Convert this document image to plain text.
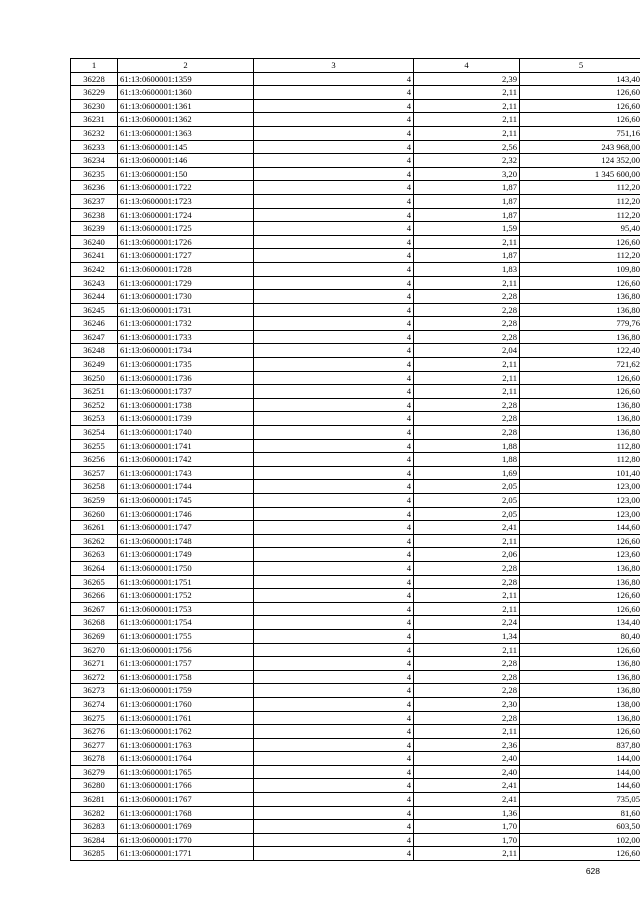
1	2	3	4	5
36228	61:13:0600001:1359	4	2,39	143,40
36229	61:13:0600001:1360	4	2,11	126,60
36230	61:13:0600001:1361	4	2,11	126,60
36231	61:13:0600001:1362	4	2,11	126,60
36232	61:13:0600001:1363	4	2,11	751,16
36233	61:13:0600001:145	4	2,56	243 968,00
36234	61:13:0600001:146	4	2,32	124 352,00
36235	61:13:0600001:150	4	3,20	1 345 600,00
36236	61:13:0600001:1722	4	1,87	112,20
36237	61:13:0600001:1723	4	1,87	112,20
36238	61:13:0600001:1724	4	1,87	112,20
36239	61:13:0600001:1725	4	1,59	95,40
36240	61:13:0600001:1726	4	2,11	126,60
36241	61:13:0600001:1727	4	1,87	112,20
36242	61:13:0600001:1728	4	1,83	109,80
36243	61:13:0600001:1729	4	2,11	126,60
36244	61:13:0600001:1730	4	2,28	136,80
36245	61:13:0600001:1731	4	2,28	136,80
36246	61:13:0600001:1732	4	2,28	779,76
36247	61:13:0600001:1733	4	2,28	136,80
36248	61:13:0600001:1734	4	2,04	122,40
36249	61:13:0600001:1735	4	2,11	721,62
36250	61:13:0600001:1736	4	2,11	126,60
36251	61:13:0600001:1737	4	2,11	126,60
36252	61:13:0600001:1738	4	2,28	136,80
36253	61:13:0600001:1739	4	2,28	136,80
36254	61:13:0600001:1740	4	2,28	136,80
36255	61:13:0600001:1741	4	1,88	112,80
36256	61:13:0600001:1742	4	1,88	112,80
36257	61:13:0600001:1743	4	1,69	101,40
36258	61:13:0600001:1744	4	2,05	123,00
36259	61:13:0600001:1745	4	2,05	123,00
36260	61:13:0600001:1746	4	2,05	123,00
36261	61:13:0600001:1747	4	2,41	144,60
36262	61:13:0600001:1748	4	2,11	126,60
36263	61:13:0600001:1749	4	2,06	123,60
36264	61:13:0600001:1750	4	2,28	136,80
36265	61:13:0600001:1751	4	2,28	136,80
36266	61:13:0600001:1752	4	2,11	126,60
36267	61:13:0600001:1753	4	2,11	126,60
36268	61:13:0600001:1754	4	2,24	134,40
36269	61:13:0600001:1755	4	1,34	80,40
36270	61:13:0600001:1756	4	2,11	126,60
36271	61:13:0600001:1757	4	2,28	136,80
36272	61:13:0600001:1758	4	2,28	136,80
36273	61:13:0600001:1759	4	2,28	136,80
36274	61:13:0600001:1760	4	2,30	138,00
36275	61:13:0600001:1761	4	2,28	136,80
36276	61:13:0600001:1762	4	2,11	126,60
36277	61:13:0600001:1763	4	2,36	837,80
36278	61:13:0600001:1764	4	2,40	144,00
36279	61:13:0600001:1765	4	2,40	144,00
36280	61:13:0600001:1766	4	2,41	144,60
36281	61:13:0600001:1767	4	2,41	735,05
36282	61:13:0600001:1768	4	1,36	81,60
36283	61:13:0600001:1769	4	1,70	603,50
36284	61:13:0600001:1770	4	1,70	102,00
36285	61:13:0600001:1771	4	2,11	126,60
628
